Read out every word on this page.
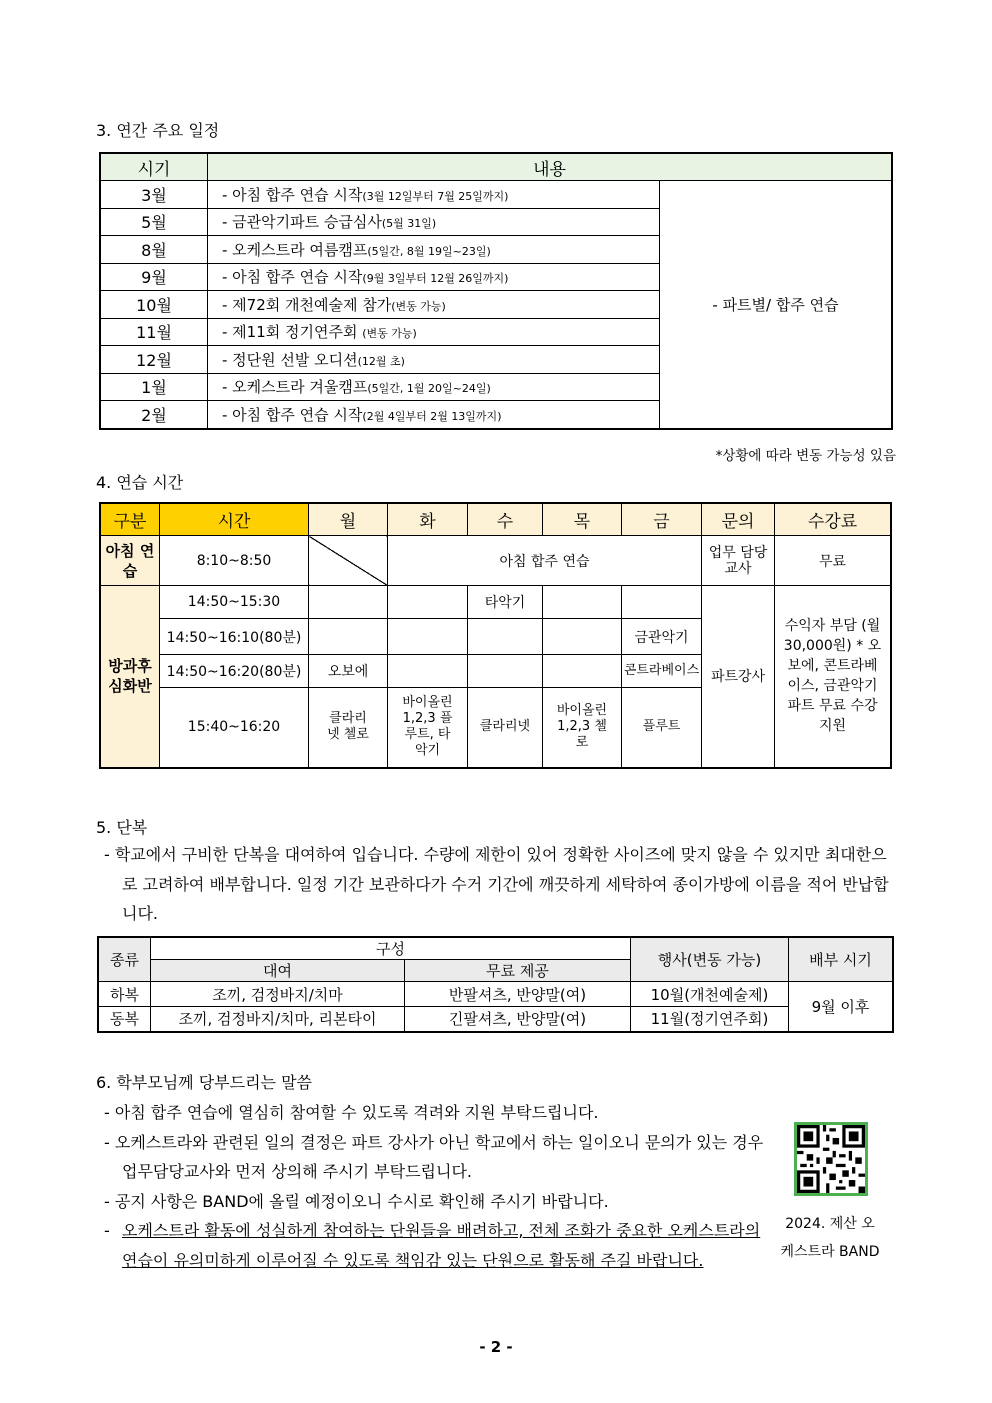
3. 연간 주요 일정
시기	내용	
3월	- 아침 합주 연습 시작(3월 12일부터 7월 25일까지)	- 파트별/ 합주 연습
5월	- 금관악기파트 승급심사(5월 31일)	
8월	- 오케스트라 여름캠프(5일간, 8월 19일~23일)	
9월	- 아침 합주 연습 시작(9월 3일부터 12월 26일까지)	
10월	- 제72회 개천예술제 참가(변동 가능)	
11월	- 제11회 정기연주회 (변동 가능)	
12월	- 정단원 선발 오디션(12월 초)	
1월	- 오케스트라 겨울캠프(5일간, 1월 20일~24일)	
2월	- 아침 합주 연습 시작(2월 4일부터 2월 13일까지)	
*상황에 따라 변동 가능성 있음
4. 연습 시간
구분	시간	월	화	수	목	금	문의	수강료
아침 연습	8:10~8:50		아침 합주 연습				업무 담당교사	무료
방과후 심화반	14:50~15:30			타악기			파트강사	수익자 부담 (월 30,000원) * 오보에, 콘트라베이스, 금관악기 파트 무료 수강 지원
	14:50~16:10(80분)					금관악기		
	14:50~16:20(80분)	오보에				콘트라베이스		
	15:40~16:20	클라리넷 첼로	바이올린 1,2,3 플루트, 타악기	클라리넷	바이올린 1,2,3 첼로	플루트		
5. 단복
- 학교에서 구비한 단복을 대여하여 입습니다. 수량에 제한이 있어 정확한 사이즈에 맞지 않을 수 있지만 최대한으로 고려하여 배부합니다. 일정 기간 보관하다가 수거 기간에 깨끗하게 세탁하여 종이가방에 이름을 적어 반납합니다.
종류	구성		행사(변동 가능)	배부 시기
	대여	무료 제공		
하복	조끼, 검정바지/치마	반팔셔츠, 반양말(여)	10월(개천예술제)	9월 이후
동복	조끼, 검정바지/치마, 리본타이	긴팔셔츠, 반양말(여)	11월(정기연주회)	
6. 학부모님께 당부드리는 말씀
- 아침 합주 연습에 열심히 참여할 수 있도록 격려와 지원 부탁드립니다.
- 오케스트라와 관련된 일의 결정은 파트 강사가 아닌 학교에서 하는 일이오니 문의가 있는 경우 업무담당교사와 먼저 상의해 주시기 부탁드립니다.
- 공지 사항은 BAND에 올릴 예정이오니 수시로 확인해 주시기 바랍니다.
- 오케스트라 활동에 성실하게 참여하는 단원들을 배려하고, 전체 조화가 중요한 오케스트라의 연습이 유의미하게 이루어질 수 있도록 책임감 있는 단원으로 활동해 주길 바랍니다.
2024. 제산 오케스트라 BAND
- 2 -
